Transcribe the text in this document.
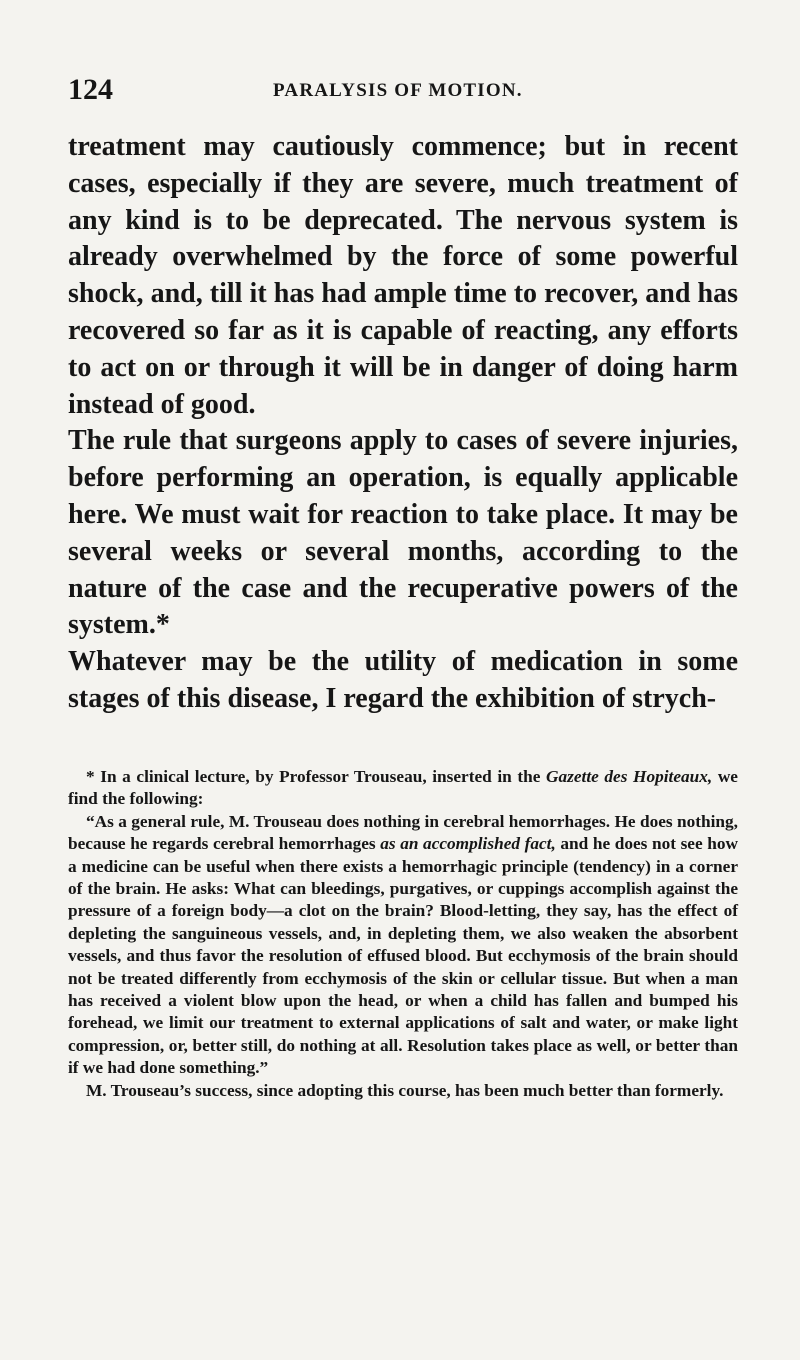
124	PARALYSIS OF MOTION.

treatment may cautiously commence; but in recent cases, especially if they are severe, much treatment of any kind is to be deprecated. The nervous system is already overwhelmed by the force of some powerful shock, and, till it has had ample time to recover, and has recovered so far as it is capable of reacting, any efforts to act on or through it will be in danger of doing harm instead of good.

The rule that surgeons apply to cases of severe injuries, before performing an operation, is equally applicable here. We must wait for reaction to take place. It may be several weeks or several months, according to the nature of the case and the recuperative powers of the system.*

Whatever may be the utility of medication in some stages of this disease, I regard the exhibition of strych-

* In a clinical lecture, by Professor Trouseau, inserted in the Gazette des Hopiteaux, we find the following:

“As a general rule, M. Trouseau does nothing in cerebral hemorrhages. He does nothing, because he regards cerebral hemorrhages as an accomplished fact, and he does not see how a medicine can be useful when there exists a hemorrhagic principle (tendency) in a corner of the brain. He asks: What can bleedings, purgatives, or cuppings accomplish against the pressure of a foreign body—a clot on the brain? Blood-letting, they say, has the effect of depleting the sanguineous vessels, and, in depleting them, we also weaken the absorbent vessels, and thus favor the resolution of effused blood. But ecchymosis of the brain should not be treated differently from ecchymosis of the skin or cellular tissue. But when a man has received a violent blow upon the head, or when a child has fallen and bumped his forehead, we limit our treatment to external applications of salt and water, or make light compression, or, better still, do nothing at all. Resolution takes place as well, or better than if we had done something.”

M. Trouseau’s success, since adopting this course, has been much better than formerly.
